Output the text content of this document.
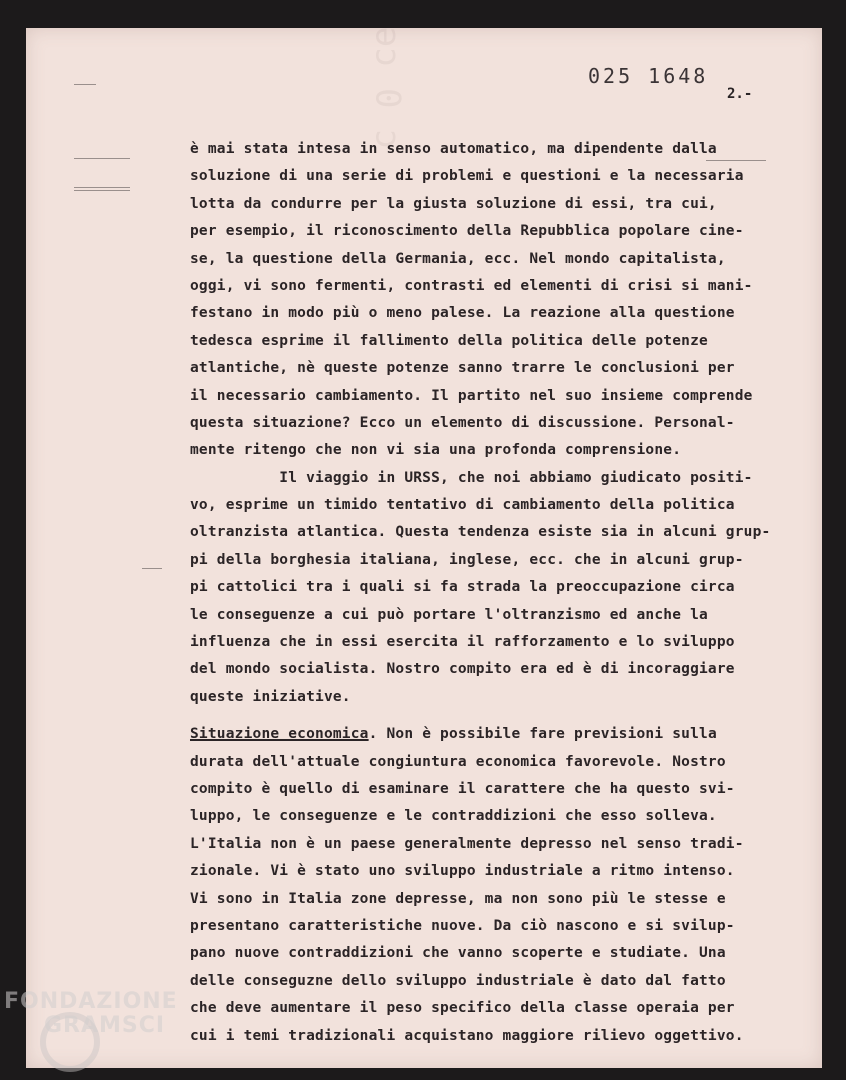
ǝɔ 0 ɔ	025 1648
2.-
è mai stata intesa in senso automatico, ma dipendente dalla
soluzione di una serie di problemi e questioni e la necessaria
lotta da condurre per la giusta soluzione di essi, tra cui,
per esempio, il riconoscimento della Repubblica popolare cine-
se, la questione della Germania, ecc. Nel mondo capitalista,
oggi, vi sono fermenti, contrasti ed elementi di crisi si mani-
festano in modo più o meno palese. La reazione alla questione
tedesca esprime il fallimento della politica delle potenze
atlantiche, nè queste potenze sanno trarre le conclusioni per
il necessario cambiamento. Il partito nel suo insieme comprende
questa situazione? Ecco un elemento di discussione. Personal-
mente ritengo che non vi sia una profonda comprensione.
Il viaggio in URSS, che noi abbiamo giudicato positi-
vo, esprime un timido tentativo di cambiamento della politica
oltranzista atlantica. Questa tendenza esiste sia in alcuni grup-
pi della borghesia italiana, inglese, ecc. che in alcuni grup-
pi cattolici tra i quali si fa strada la preoccupazione circa
le conseguenze a cui può portare l'oltranzismo ed anche la
influenza che in essi esercita il rafforzamento e lo sviluppo
del mondo socialista. Nostro compito era ed è di incoraggiare
queste iniziative.
Situazione economica. Non è possibile fare previsioni sulla
durata dell'attuale congiuntura economica favorevole. Nostro
compito è quello di esaminare il carattere che ha questo svi-
luppo, le conseguenze e le contraddizioni che esso solleva.
L'Italia non è un paese generalmente depresso nel senso tradi-
zionale. Vi è stato uno sviluppo industriale a ritmo intenso.
Vi sono in Italia zone depresse, ma non sono più le stesse e
presentano caratteristiche nuove. Da ciò nascono e si svilup-
pano nuove contraddizioni che vanno scoperte e studiate. Una
delle conseguzne dello sviluppo industriale è dato dal fatto
che deve aumentare il peso specifico della classe operaia per
cui i temi tradizionali acquistano maggiore rilievo oggettivo.
FONDAZIONE
GRAMSCI
